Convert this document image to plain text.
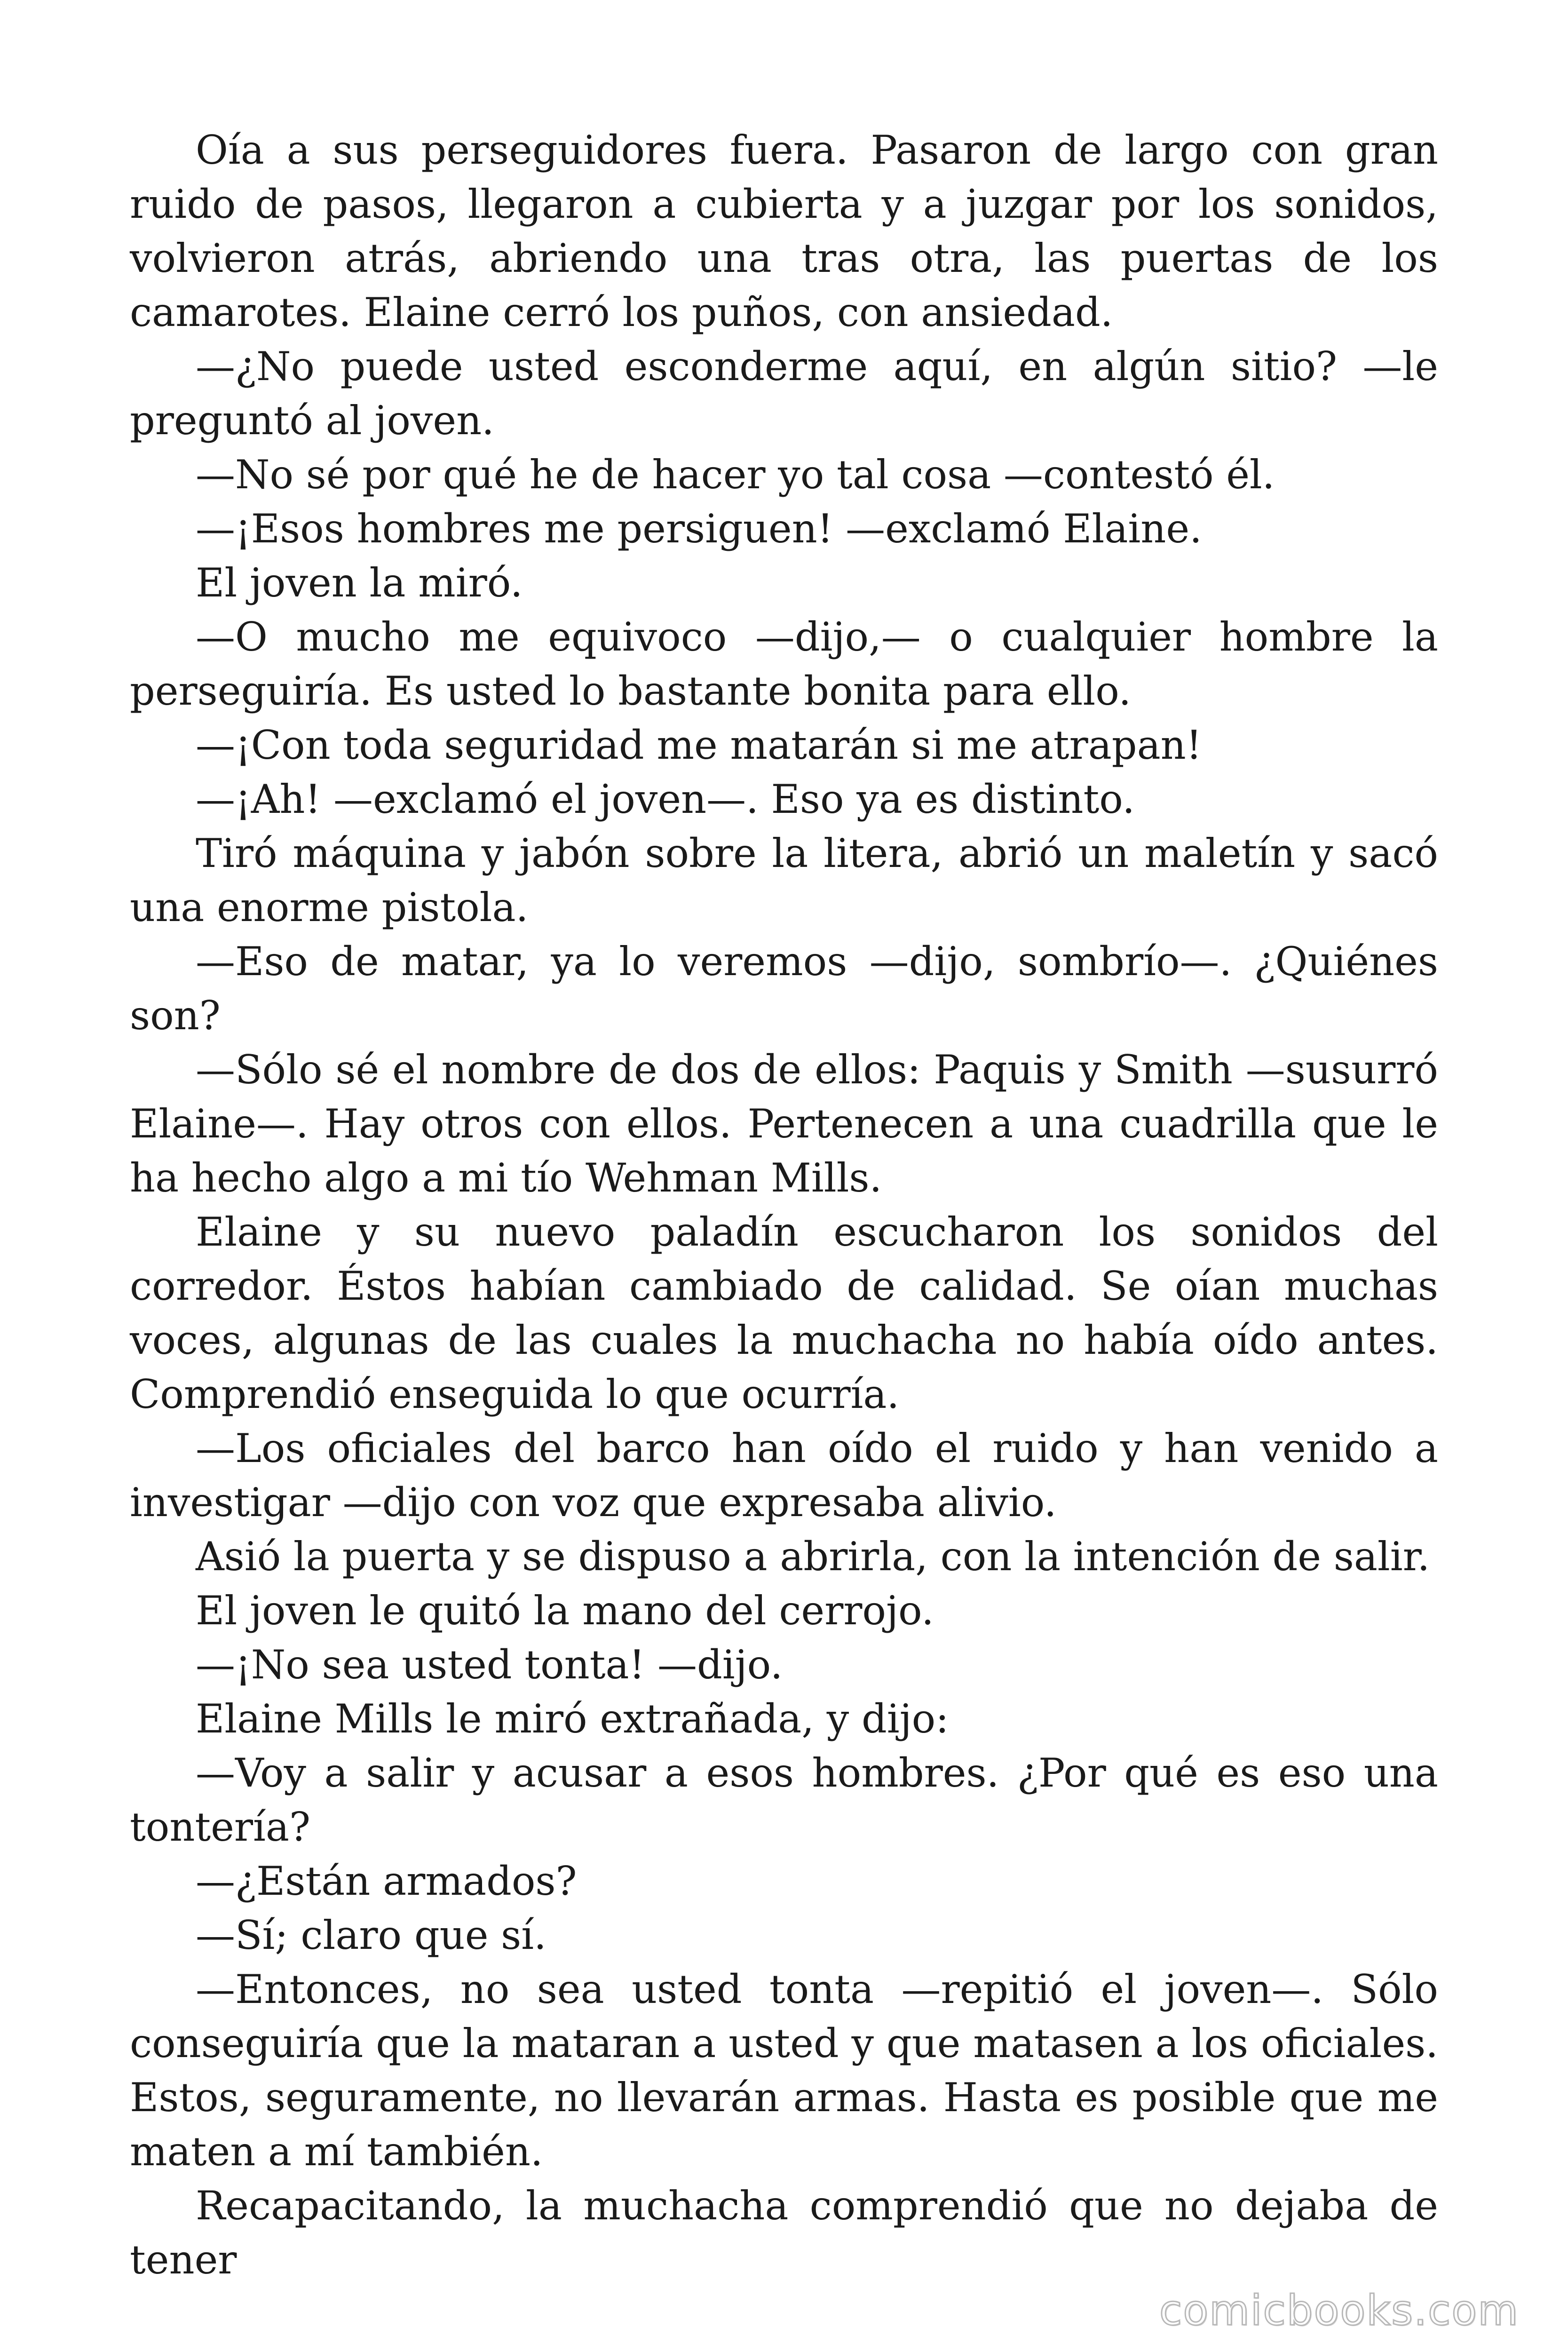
Oía a sus perseguidores fuera. Pasaron de largo con gran ruido de pasos, llegaron a cubierta y a juzgar por los sonidos, volvieron atrás, abriendo una tras otra, las puertas de los camarotes. Elaine cerró los puños, con ansiedad.

—¿No puede usted esconderme aquí, en algún sitio? —le preguntó al joven.

—No sé por qué he de hacer yo tal cosa —contestó él.

—¡Esos hombres me persiguen! —exclamó Elaine.

El joven la miró.

—O mucho me equivoco —dijo,— o cualquier hombre la perseguiría. Es usted lo bastante bonita para ello.

—¡Con toda seguridad me matarán si me atrapan!

—¡Ah! —exclamó el joven—. Eso ya es distinto.

Tiró máquina y jabón sobre la litera, abrió un maletín y sacó una enorme pistola.

—Eso de matar, ya lo veremos —dijo, sombrío—. ¿Quiénes son?

—Sólo sé el nombre de dos de ellos: Paquis y Smith —susurró Elaine—. Hay otros con ellos. Pertenecen a una cuadrilla que le ha hecho algo a mi tío Wehman Mills.

Elaine y su nuevo paladín escucharon los sonidos del corredor. Éstos habían cambiado de calidad. Se oían muchas voces, algunas de las cuales la muchacha no había oído antes. Comprendió enseguida lo que ocurría.

—Los oficiales del barco han oído el ruido y han venido a investigar —dijo con voz que expresaba alivio.

Asió la puerta y se dispuso a abrirla, con la intención de salir.

El joven le quitó la mano del cerrojo.

—¡No sea usted tonta! —dijo.

Elaine Mills le miró extrañada, y dijo:

—Voy a salir y acusar a esos hombres. ¿Por qué es eso una tontería?

—¿Están armados?

—Sí; claro que sí.

—Entonces, no sea usted tonta —repitió el joven—. Sólo conseguiría que la mataran a usted y que matasen a los oficiales. Estos, seguramente, no llevarán armas. Hasta es posible que me maten a mí también.

Recapacitando, la muchacha comprendió que no dejaba de tener

comicbooks.com
